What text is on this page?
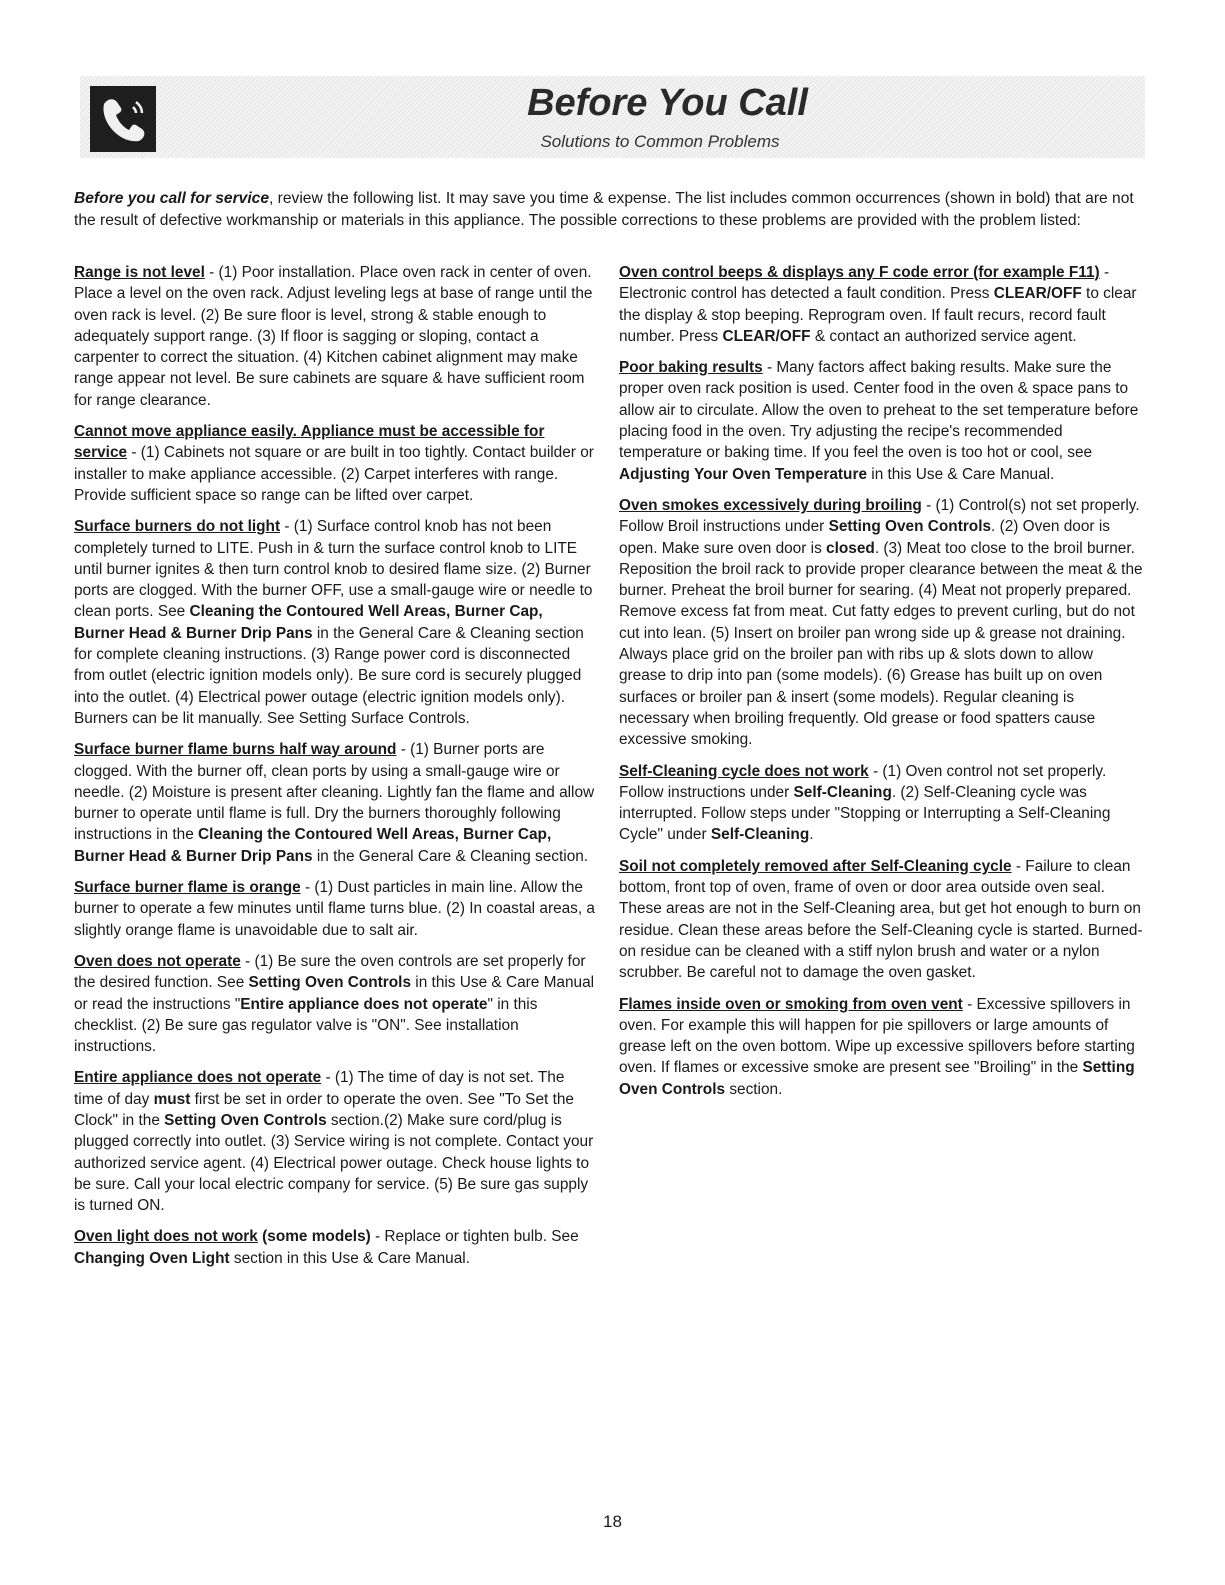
Before You Call
Solutions to Common Problems
Before you call for service, review the following list. It may save you time & expense. The list includes common occurrences (shown in bold) that are not the result of defective workmanship or materials in this appliance. The possible corrections to these problems are provided with the problem listed:

Range is not level - (1) Poor installation. Place oven rack in center of oven. Place a level on the oven rack. Adjust leveling legs at base of range until the oven rack is level. (2) Be sure floor is level, strong & stable enough to adequately support range. (3) If floor is sagging or sloping, contact a carpenter to correct the situation. (4) Kitchen cabinet alignment may make range appear not level. Be sure cabinets are square & have sufficient room for range clearance.

Cannot move appliance easily. Appliance must be accessible for service - (1) Cabinets not square or are built in too tightly. Contact builder or installer to make appliance accessible. (2) Carpet interferes with range. Provide sufficient space so range can be lifted over carpet.

Surface burners do not light - (1) Surface control knob has not been completely turned to LITE. Push in & turn the surface control knob to LITE until burner ignites & then turn control knob to desired flame size. (2) Burner ports are clogged. With the burner OFF, use a small-gauge wire or needle to clean ports. See Cleaning the Contoured Well Areas, Burner Cap, Burner Head & Burner Drip Pans in the General Care & Cleaning section for complete cleaning instructions. (3) Range power cord is disconnected from outlet (electric ignition models only). Be sure cord is securely plugged into the outlet. (4) Electrical power outage (electric ignition models only). Burners can be lit manually. See Setting Surface Controls.

Surface burner flame burns half way around - (1) Burner ports are clogged. With the burner off, clean ports by using a small-gauge wire or needle. (2) Moisture is present after cleaning. Lightly fan the flame and allow burner to operate until flame is full. Dry the burners thoroughly following instructions in the Cleaning the Contoured Well Areas, Burner Cap, Burner Head & Burner Drip Pans in the General Care & Cleaning section.

Surface burner flame is orange - (1) Dust particles in main line. Allow the burner to operate a few minutes until flame turns blue. (2) In coastal areas, a slightly orange flame is unavoidable due to salt air.

Oven does not operate - (1) Be sure the oven controls are set properly for the desired function. See Setting Oven Controls in this Use & Care Manual or read the instructions "Entire appliance does not operate" in this checklist. (2) Be sure gas regulator valve is "ON". See installation instructions.

Entire appliance does not operate - (1) The time of day is not set. The time of day must first be set in order to operate the oven. See "To Set the Clock" in the Setting Oven Controls section.(2) Make sure cord/plug is plugged correctly into outlet. (3) Service wiring is not complete. Contact your authorized service agent. (4) Electrical power outage. Check house lights to be sure. Call your local electric company for service. (5) Be sure gas supply is turned ON.

Oven light does not work (some models) - Replace or tighten bulb. See Changing Oven Light section in this Use & Care Manual.

Oven control beeps & displays any F code error (for example F11) - Electronic control has detected a fault condition. Press CLEAR/OFF to clear the display & stop beeping. Reprogram oven. If fault recurs, record fault number. Press CLEAR/OFF & contact an authorized service agent.

Poor baking results - Many factors affect baking results. Make sure the proper oven rack position is used. Center food in the oven & space pans to allow air to circulate. Allow the oven to preheat to the set temperature before placing food in the oven. Try adjusting the recipe's recommended temperature or baking time. If you feel the oven is too hot or cool, see Adjusting Your Oven Temperature in this Use & Care Manual.

Oven smokes excessively during broiling - (1) Control(s) not set properly. Follow Broil instructions under Setting Oven Controls. (2) Oven door is open. Make sure oven door is closed. (3) Meat too close to the broil burner. Reposition the broil rack to provide proper clearance between the meat & the burner. Preheat the broil burner for searing. (4) Meat not properly prepared. Remove excess fat from meat. Cut fatty edges to prevent curling, but do not cut into lean. (5) Insert on broiler pan wrong side up & grease not draining. Always place grid on the broiler pan with ribs up & slots down to allow grease to drip into pan (some models). (6) Grease has built up on oven surfaces or broiler pan & insert (some models). Regular cleaning is necessary when broiling frequently. Old grease or food spatters cause excessive smoking.

Self-Cleaning cycle does not work - (1) Oven control not set properly. Follow instructions under Self-Cleaning. (2) Self-Cleaning cycle was interrupted. Follow steps under "Stopping or Interrupting a Self-Cleaning Cycle" under Self-Cleaning.

Soil not completely removed after Self-Cleaning cycle - Failure to clean bottom, front top of oven, frame of oven or door area outside oven seal. These areas are not in the Self-Cleaning area, but get hot enough to burn on residue. Clean these areas before the Self-Cleaning cycle is started. Burned-on residue can be cleaned with a stiff nylon brush and water or a nylon scrubber. Be careful not to damage the oven gasket.

Flames inside oven or smoking from oven vent - Excessive spillovers in oven. For example this will happen for pie spillovers or large amounts of grease left on the oven bottom. Wipe up excessive spillovers before starting oven. If flames or excessive smoke are present see "Broiling" in the Setting Oven Controls section.

18
